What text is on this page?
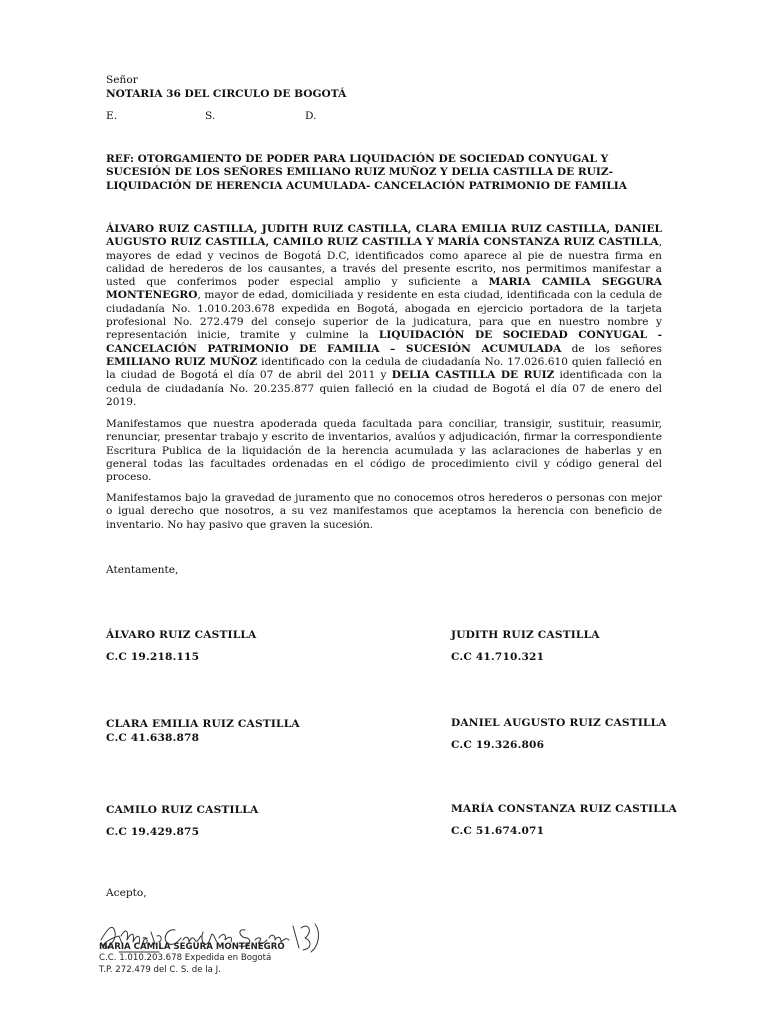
Señor
NOTARIA 36 DEL CIRCULO DE BOGOTÁ
E.	S.	D.
REF: OTORGAMIENTO DE PODER PARA LIQUIDACIÓN DE SOCIEDAD CONYUGAL Y
SUCESIÓN DE LOS SEÑORES EMILIANO RUIZ MUÑOZ Y DELIA CASTILLA DE RUIZ-
LIQUIDACIÓN DE HERENCIA ACUMULADA- CANCELACIÓN PATRIMONIO DE FAMILIA
ÁLVARO RUIZ CASTILLA, JUDITH RUIZ CASTILLA, CLARA EMILIA RUIZ CASTILLA, DANIEL AUGUSTO RUIZ CASTILLA, CAMILO RUIZ CASTILLA Y MARÍA CONSTANZA RUIZ CASTILLA, mayores de edad y vecinos de Bogotá D.C, identificados como aparece al pie de nuestra firma en calidad de herederos de los causantes, a través del presente escrito, nos permitimos manifestar a usted que conferimos poder especial amplio y suficiente a MARIA CAMILA SEGGURA MONTENEGRO, mayor de edad, domiciliada y residente en esta ciudad, identificada con la cedula de ciudadanía No. 1.010.203.678 expedida en Bogotá, abogada en ejercicio portadora de la tarjeta profesional No. 272.479 del consejo superior de la judicatura, para que en nuestro nombre y representación inicie, tramite y culmine la LIQUIDACIÓN DE SOCIEDAD CONYUGAL - CANCELACIÓN PATRIMONIO DE FAMILIA – SUCESIÓN ACUMULADA de los señores EMILIANO RUIZ MUÑOZ identificado con la cedula de ciudadanía No. 17.026.610 quien falleció en la ciudad de Bogotá el día 07 de abril del 2011 y DELIA CASTILLA DE RUIZ identificada con la cedula de ciudadanía No. 20.235.877 quien falleció en la ciudad de Bogotá el día 07 de enero del 2019.
Manifestamos que nuestra apoderada queda facultada para conciliar, transigir, sustituir, reasumir, renunciar, presentar trabajo y escrito de inventarios, avalúos y adjudicación, firmar la correspondiente Escritura Publica de la liquidación de la herencia acumulada y las aclaraciones de haberlas y en general todas las facultades ordenadas en el código de procedimiento civil y código general del proceso.
Manifestamos bajo la gravedad de juramento que no conocemos otros herederos o personas con mejor o igual derecho que nosotros, a su vez manifestamos que aceptamos la herencia con beneficio de inventario. No hay pasivo que graven la sucesión.
Atentamente,
ÁLVARO RUIZ CASTILLA
C.C 19.218.115
JUDITH RUIZ CASTILLA
C.C 41.710.321
CLARA EMILIA RUIZ CASTILLA
C.C 41.638.878
DANIEL AUGUSTO RUIZ CASTILLA
C.C 19.326.806
CAMILO RUIZ CASTILLA
C.C 19.429.875
MARÍA CONSTANZA RUIZ CASTILLA
C.C 51.674.071
Acepto,
MARIA CAMILA SEGURA MONTENEGRO
C.C. 1.010.203.678 Expedida en Bogotá
T.P. 272.479 del C. S. de la J.
